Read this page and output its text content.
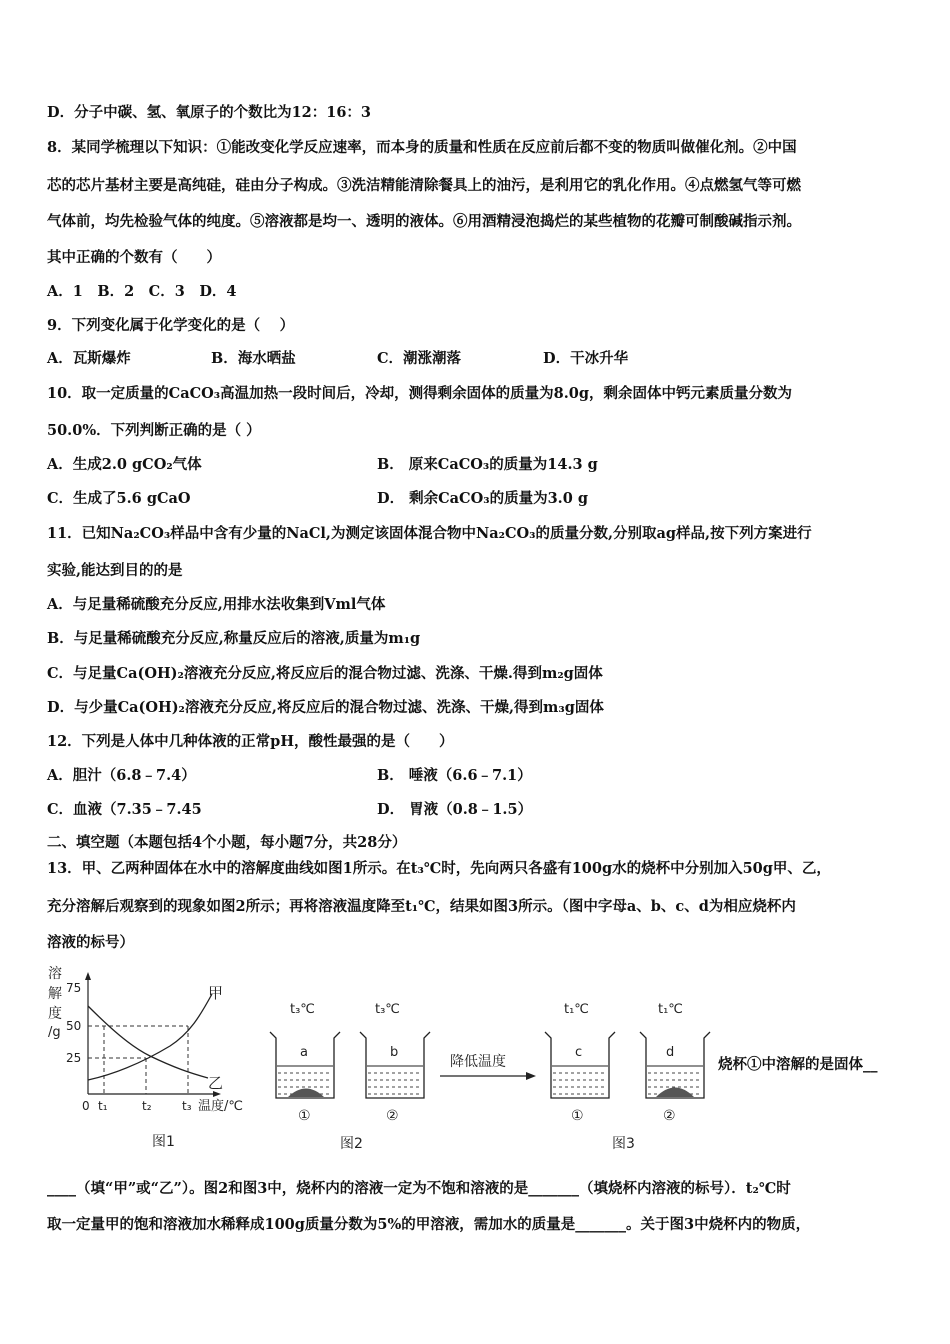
D．分子中碳、氢、氧原子的个数比为12：16：3
8．某同学梳理以下知识：①能改变化学反应速率，而本身的质量和性质在反应前后都不变的物质叫做催化剂。②中国
芯的芯片基材主要是高纯硅，硅由分子构成。③洗洁精能清除餐具上的油污，是利用它的乳化作用。④点燃氢气等可燃
气体前，均先检验气体的纯度。⑤溶液都是均一、透明的液体。⑥用酒精浸泡捣烂的某些植物的花瓣可制酸碱指示剂。
其中正确的个数有（　　）
A．1　B．2　C．3　D．4
9．下列变化属于化学变化的是（　 ）
A．瓦斯爆炸	B．海水晒盐	C．潮涨潮落	D．干冰升华
10．取一定质量的CaCO₃高温加热一段时间后，冷却，测得剩余固体的质量为8.0g，剩余固体中钙元素质量分数为
50.0%．下列判断正确的是（ ）
A．生成2.0 gCO₂气体	B． 原来CaCO₃的质量为14.3 g
C．生成了5.6 gCaO	D． 剩余CaCO₃的质量为3.0 g
11．已知Na₂CO₃样品中含有少量的NaCl,为测定该固体混合物中Na₂CO₃的质量分数,分别取ag样品,按下列方案进行
实验,能达到目的的是
A．与足量稀硫酸充分反应,用排水法收集到Vml气体
B．与足量稀硫酸充分反应,称量反应后的溶液,质量为m₁g
C．与足量Ca(OH)₂溶液充分反应,将反应后的混合物过滤、洗涤、干燥.得到m₂g固体
D．与少量Ca(OH)₂溶液充分反应,将反应后的混合物过滤、洗涤、干燥,得到m₃g固体
12．下列是人体中几种体液的正常pH，酸性最强的是（　　）
A．胆汁（6.8﹣7.4）	B． 唾液（6.6﹣7.1）
C．血液（7.35﹣7.45	D． 胃液（0.8﹣1.5）
二、填空题（本题包括4个小题，每小题7分，共28分）
13．甲、乙两种固体在水中的溶解度曲线如图1所示。在t₃℃时，先向两只各盛有100g水的烧杯中分别加入50g甲、乙，
充分溶解后观察到的现象如图2所示；再将溶液温度降至t₁℃，结果如图3所示。（图中字母a、b、c、d为相应烧杯内
溶液的标号）
溶
解
度
/g
75
50
25
0 t₁	t₂	t₃ 温度/℃
甲
乙
图1
t₃℃	t₃℃
a
①
b
②
图2
降低温度
t₁℃	t₁℃
c
①
d
②
图3
烧杯①中溶解的是固体__
____（填“甲”或“乙”）。图2和图3中，烧杯内的溶液一定为不饱和溶液的是_______（填烧杯内溶液的标号）．t₂℃时
取一定量甲的饱和溶液加水稀释成100g质量分数为5%的甲溶液，需加水的质量是_______。关于图3中烧杯内的物质，
